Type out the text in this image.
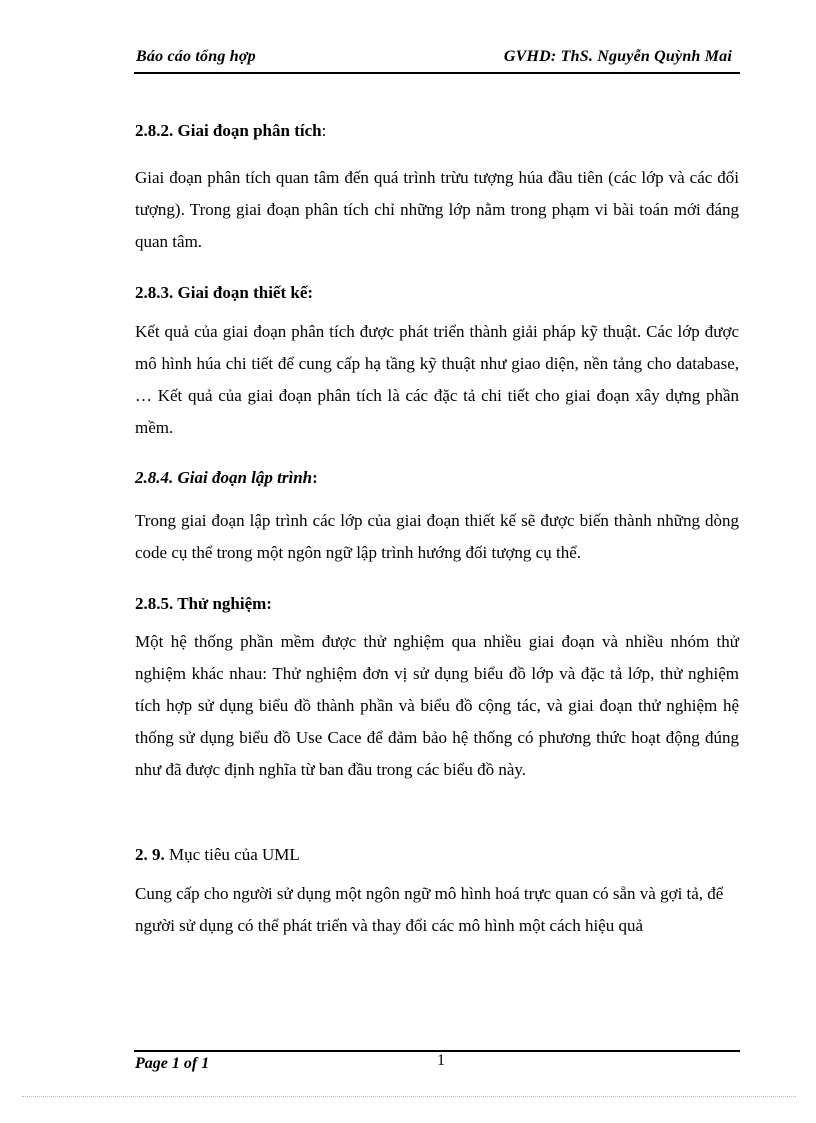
Báo cáo tổng hợp	GVHD: ThS. Nguyễn Quỳnh Mai

2.8.2. Giai đoạn phân tích:

Giai đoạn phân tích quan tâm đến quá trình trừu tượng húa đầu tiên (các lớp và các đối tượng). Trong giai đoạn phân tích chỉ những lớp nằm trong phạm vi bài toán mới đáng quan tâm.

2.8.3. Giai đoạn thiết kế:

Kết quả của giai đoạn phân tích được phát triển thành giải pháp kỹ thuật. Các lớp được mô hình húa chi tiết để cung cấp hạ tầng kỹ thuật như giao diện, nền tảng cho database, … Kết quả của giai đoạn phân tích là các đặc tả chi tiết cho giai đoạn xây dựng phần mềm.

2.8.4. Giai đoạn lập trình:

Trong giai đoạn lập trình các lớp của giai đoạn thiết kế sẽ được biến thành những dòng code cụ thể trong một ngôn ngữ lập trình hướng đối tượng cụ thể.

2.8.5. Thử nghiệm:

Một hệ thống phần mềm được thử nghiệm qua nhiều giai đoạn và nhiều nhóm thử nghiệm khác nhau: Thử nghiệm đơn vị sử dụng biểu đồ lớp và đặc tả lớp, thử nghiệm tích hợp sử dụng biểu đồ thành phần và biểu đồ cộng tác, và giai đoạn thử nghiệm hệ thống sử dụng biểu đồ Use Cace để đảm bảo hệ thống có phương thức hoạt động đúng như đã được định nghĩa từ ban đầu trong các biểu đồ này.

2. 9. Mục tiêu của UML

Cung cấp cho người sử dụng một ngôn ngữ mô hình hoá trực quan có sẵn và gợi tả, để người sử dụng có thể phát triển và thay đổi các mô hình một cách hiệu quả

Page 1 of 1	1
